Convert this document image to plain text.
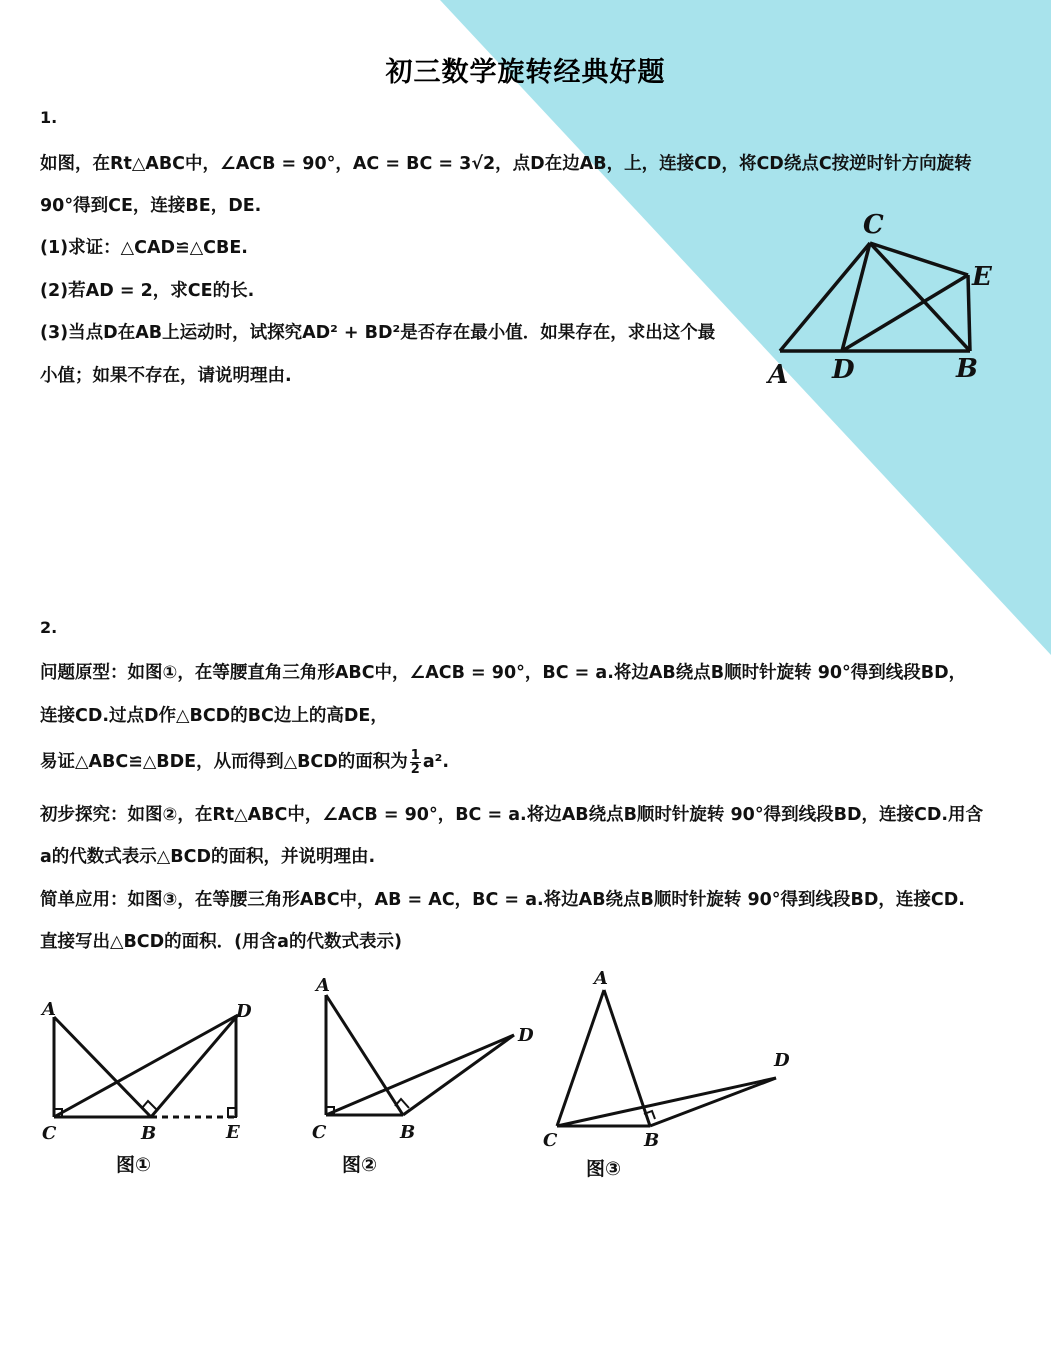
初三数学旋转经典好题
1.
如图，在Rt△ABC中，∠ACB = 90°，AC = BC = 3√2，点D在边AB，上，连接CD，将CD绕点C按逆时针方向旋转
90°得到CE，连接BE，DE.
(1)求证：△CAD≌△CBE.
(2)若AD = 2，求CE的长.
(3)当点D在AB上运动时，试探究AD² + BD²是否存在最小值．如果存在，求出这个最
小值；如果不存在，请说明理由.
C
E
A D	B
2.
问题原型：如图①，在等腰直角三角形ABC中，∠ACB = 90°，BC = a.将边AB绕点B顺时针旋转 90°得到线段BD，
连接CD.过点D作△BCD的BC边上的高DE，
易证△ABC≌△BDE，从而得到△BCD的面积为 $\frac{1}{2} a^2$.
初步探究：如图②，在Rt△ABC中，∠ACB = 90°，BC = a.将边AB绕点B顺时针旋转 90°得到线段BD，连接CD.用含
a的代数式表示△BCD的面积，并说明理由.
简单应用：如图③，在等腰三角形ABC中，AB = AC，BC = a.将边AB绕点B顺时针旋转 90°得到线段BD，连接CD.
直接写出△BCD的面积．(用含a的代数式表示)
A	D
C	B	E
图①
A
D
C	B
图②
A
D
C	B
图③
